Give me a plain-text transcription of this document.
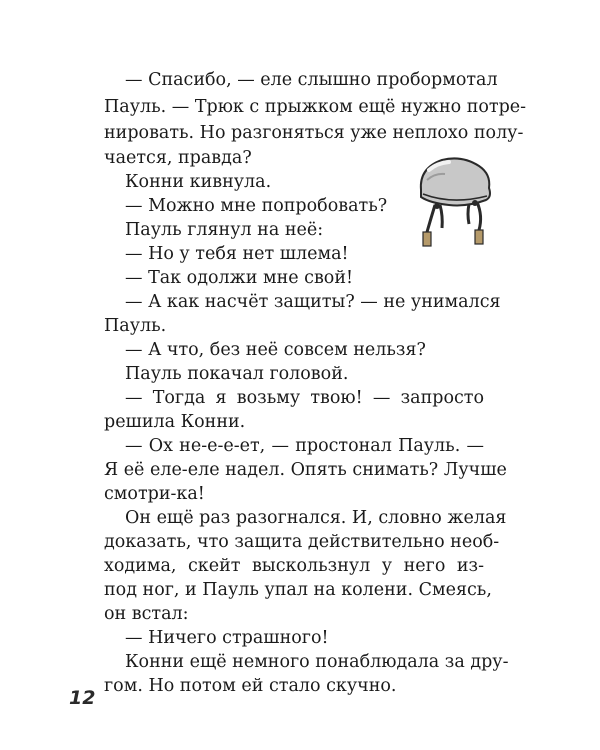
— Спасибо, — еле слышно пробормотал
Пауль. — Трюк с прыжком ещё нужно потре-
нировать. Но разгоняться уже неплохо полу-
чается, правда?
Конни кивнула.
— Можно мне попробовать?
Пауль глянул на неё:
— Но у тебя нет шлема!
— Так одолжи мне свой!
— А как насчёт защиты? — не унимался
Пауль.
— А что, без неё совсем нельзя?
Пауль покачал головой.
— Тогда я возьму твою! — запросто
решила Конни.
— Ох не-е-е-ет, — простонал Пауль. —
Я её еле-еле надел. Опять снимать? Лучше
смотри-ка!
Он ещё раз разогнался. И, словно желая
доказать, что защита действительно необ-
ходима, скейт выскользнул у него из-
под ног, и Пауль упал на колени. Смеясь,
он встал:
— Ничего страшного!
Конни ещё немного понаблюдала за дру-
гом. Но потом ей стало скучно.
12
